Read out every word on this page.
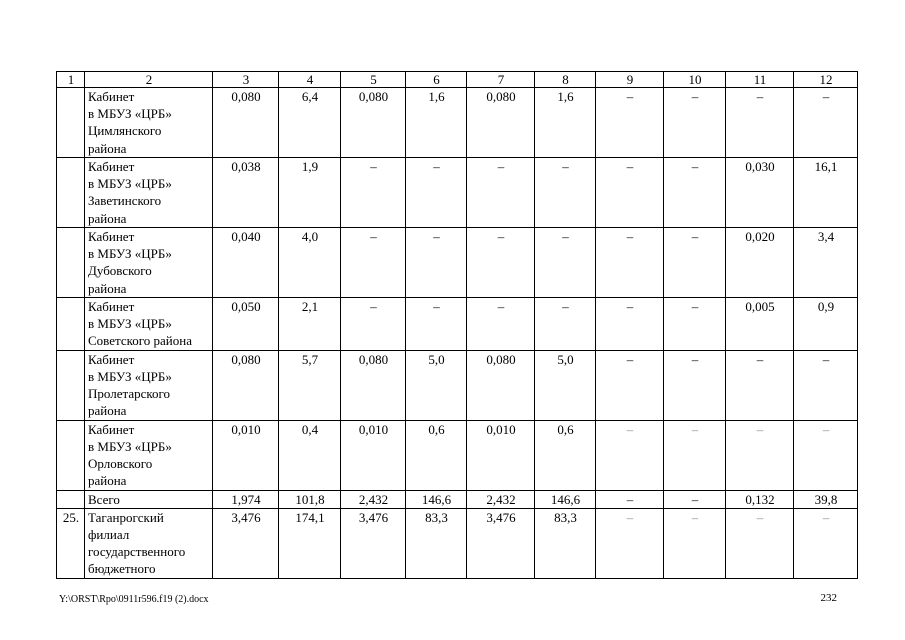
1	2	3	4	5	6	7	8	9	10	11	12
	Кабинет
в МБУЗ «ЦРБ»
Цимлянского
района	0,080	6,4	0,080	1,6	0,080	1,6	–	–	–	–
	Кабинет
в МБУЗ «ЦРБ»
Заветинского
района	0,038	1,9	–	–	–	–	–	–	0,030	16,1
	Кабинет
в МБУЗ «ЦРБ»
Дубовского
района	0,040	4,0	–	–	–	–	–	–	0,020	3,4
	Кабинет
в МБУЗ «ЦРБ»
Советского района	0,050	2,1	–	–	–	–	–	–	0,005	0,9
	Кабинет
в МБУЗ «ЦРБ»
Пролетарского
района	0,080	5,7	0,080	5,0	0,080	5,0	–	–	–	–
	Кабинет
в МБУЗ «ЦРБ»
Орловского
района	0,010	0,4	0,010	0,6	0,010	0,6	–	–	–	–
	Всего	1,974	101,8	2,432	146,6	2,432	146,6	–	–	0,132	39,8
25.	Таганрогский
филиал
государственного
бюджетного	3,476	174,1	3,476	83,3	3,476	83,3	–	–	–	–
Y:\ORST\Rpo\0911r596.f19 (2).docx	232
